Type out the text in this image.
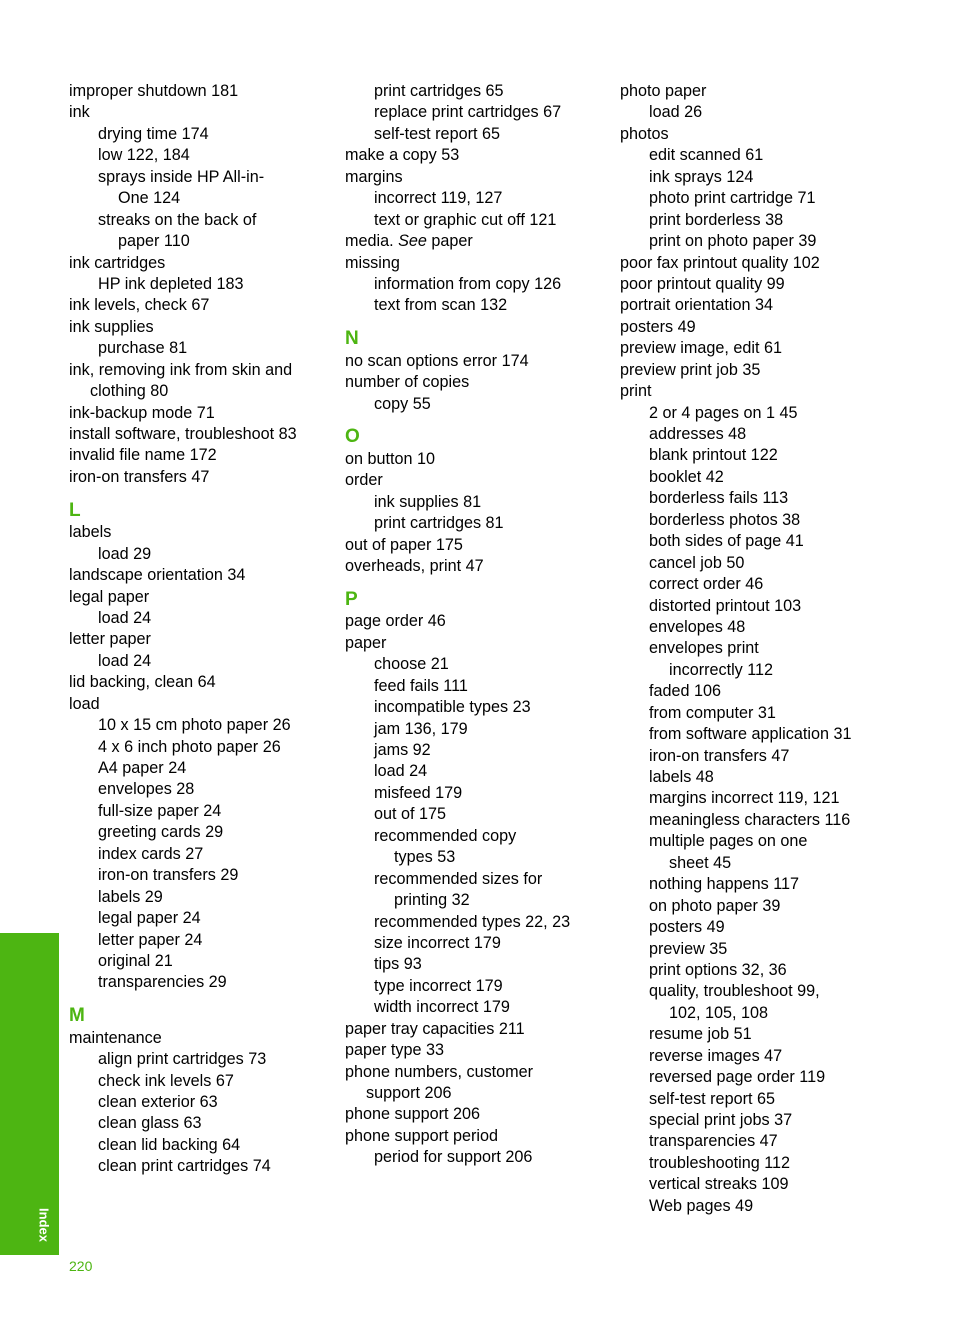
improper shutdown 181
ink
drying time 174
low 122, 184
sprays inside HP All-in-
One 124
streaks on the back of
paper 110
ink cartridges
HP ink depleted 183
ink levels, check 67
ink supplies
purchase 81
ink, removing ink from skin and
clothing 80
ink-backup mode 71
install software, troubleshoot 83
invalid file name 172
iron-on transfers 47
L
labels
load 29
landscape orientation 34
legal paper
load 24
letter paper
load 24
lid backing, clean 64
load
10 x 15 cm photo paper 26
4 x 6 inch photo paper 26
A4 paper 24
envelopes 28
full-size paper 24
greeting cards 29
index cards 27
iron-on transfers 29
labels 29
legal paper 24
letter paper 24
original 21
transparencies 29
M
maintenance
align print cartridges 73
check ink levels 67
clean exterior 63
clean glass 63
clean lid backing 64
clean print cartridges 74
print cartridges 65
replace print cartridges 67
self-test report 65
make a copy 53
margins
incorrect 119, 127
text or graphic cut off 121
media. See paper
missing
information from copy 126
text from scan 132
N
no scan options error 174
number of copies
copy 55
O
on button 10
order
ink supplies 81
print cartridges 81
out of paper 175
overheads, print 47
P
page order 46
paper
choose 21
feed fails 111
incompatible types 23
jam 136, 179
jams 92
load 24
misfeed 179
out of 175
recommended copy
types 53
recommended sizes for
printing 32
recommended types 22, 23
size incorrect 179
tips 93
type incorrect 179
width incorrect 179
paper tray capacities 211
paper type 33
phone numbers, customer
support 206
phone support 206
phone support period
period for support 206
photo paper
load 26
photos
edit scanned 61
ink sprays 124
photo print cartridge 71
print borderless 38
print on photo paper 39
poor fax printout quality 102
poor printout quality 99
portrait orientation 34
posters 49
preview image, edit 61
preview print job 35
print
2 or 4 pages on 1 45
addresses 48
blank printout 122
booklet 42
borderless fails 113
borderless photos 38
both sides of page 41
cancel job 50
correct order 46
distorted printout 103
envelopes 48
envelopes print
incorrectly 112
faded 106
from computer 31
from software application 31
iron-on transfers 47
labels 48
margins incorrect 119, 121
meaningless characters 116
multiple pages on one
sheet 45
nothing happens 117
on photo paper 39
posters 49
preview 35
print options 32, 36
quality, troubleshoot 99,
102, 105, 108
resume job 51
reverse images 47
reversed page order 119
self-test report 65
special print jobs 37
transparencies 47
troubleshooting 112
vertical streaks 109
Web pages 49
Index
220
